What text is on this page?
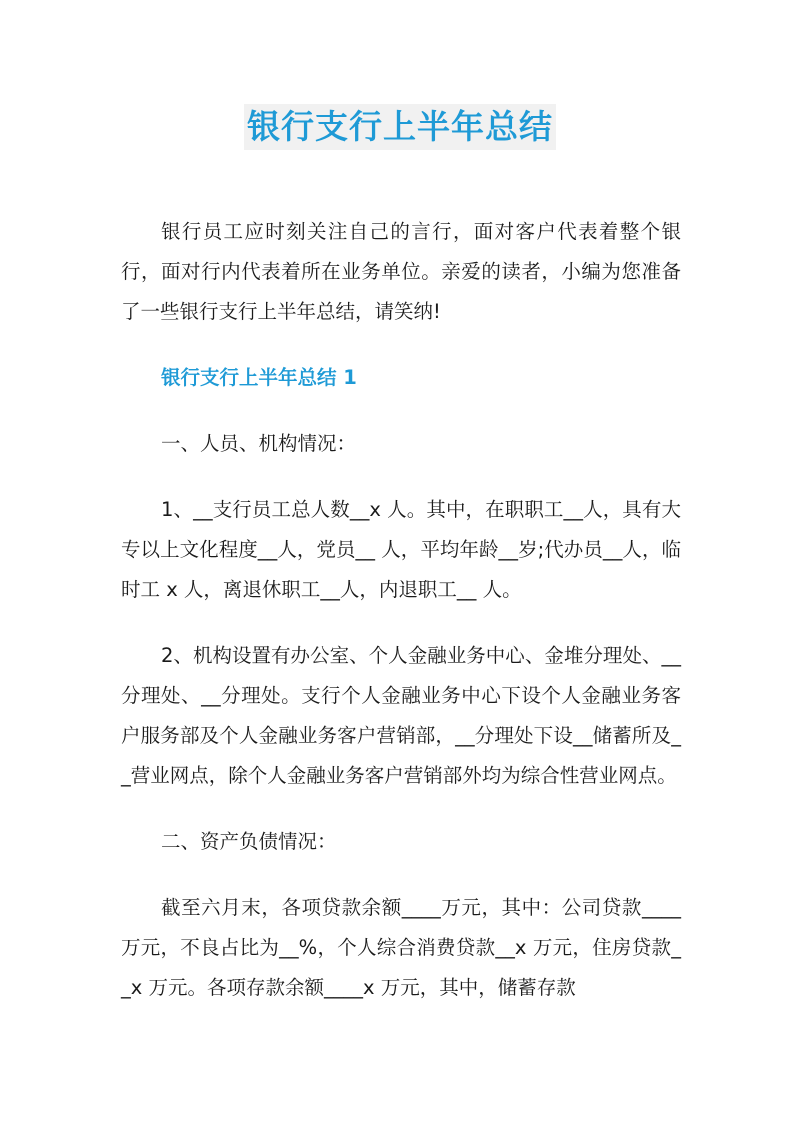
银行支行上半年总结

银行员工应时刻关注自己的言行，面对客户代表着整个银行，面对行内代表着所在业务单位。亲爱的读者，小编为您准备了一些银行支行上半年总结，请笑纳!

银行支行上半年总结 1

一、人员、机构情况：

1、__支行员工总人数__x 人。其中，在职职工__人，具有大专以上文化程度__人，党员__ 人，平均年龄__岁;代办员__人，临时工 x 人，离退休职工__人，内退职工__ 人。

2、机构设置有办公室、个人金融业务中心、金堆分理处、__分理处、__分理处。支行个人金融业务中心下设个人金融业务客户服务部及个人金融业务客户营销部，__分理处下设__储蓄所及__营业网点，除个人金融业务客户营销部外均为综合性营业网点。

二、资产负债情况：

截至六月末，各项贷款余额____万元，其中：公司贷款____万元，不良占比为__%，个人综合消费贷款__x 万元，住房贷款__x 万元。各项存款余额____x 万元，其中，储蓄存款
